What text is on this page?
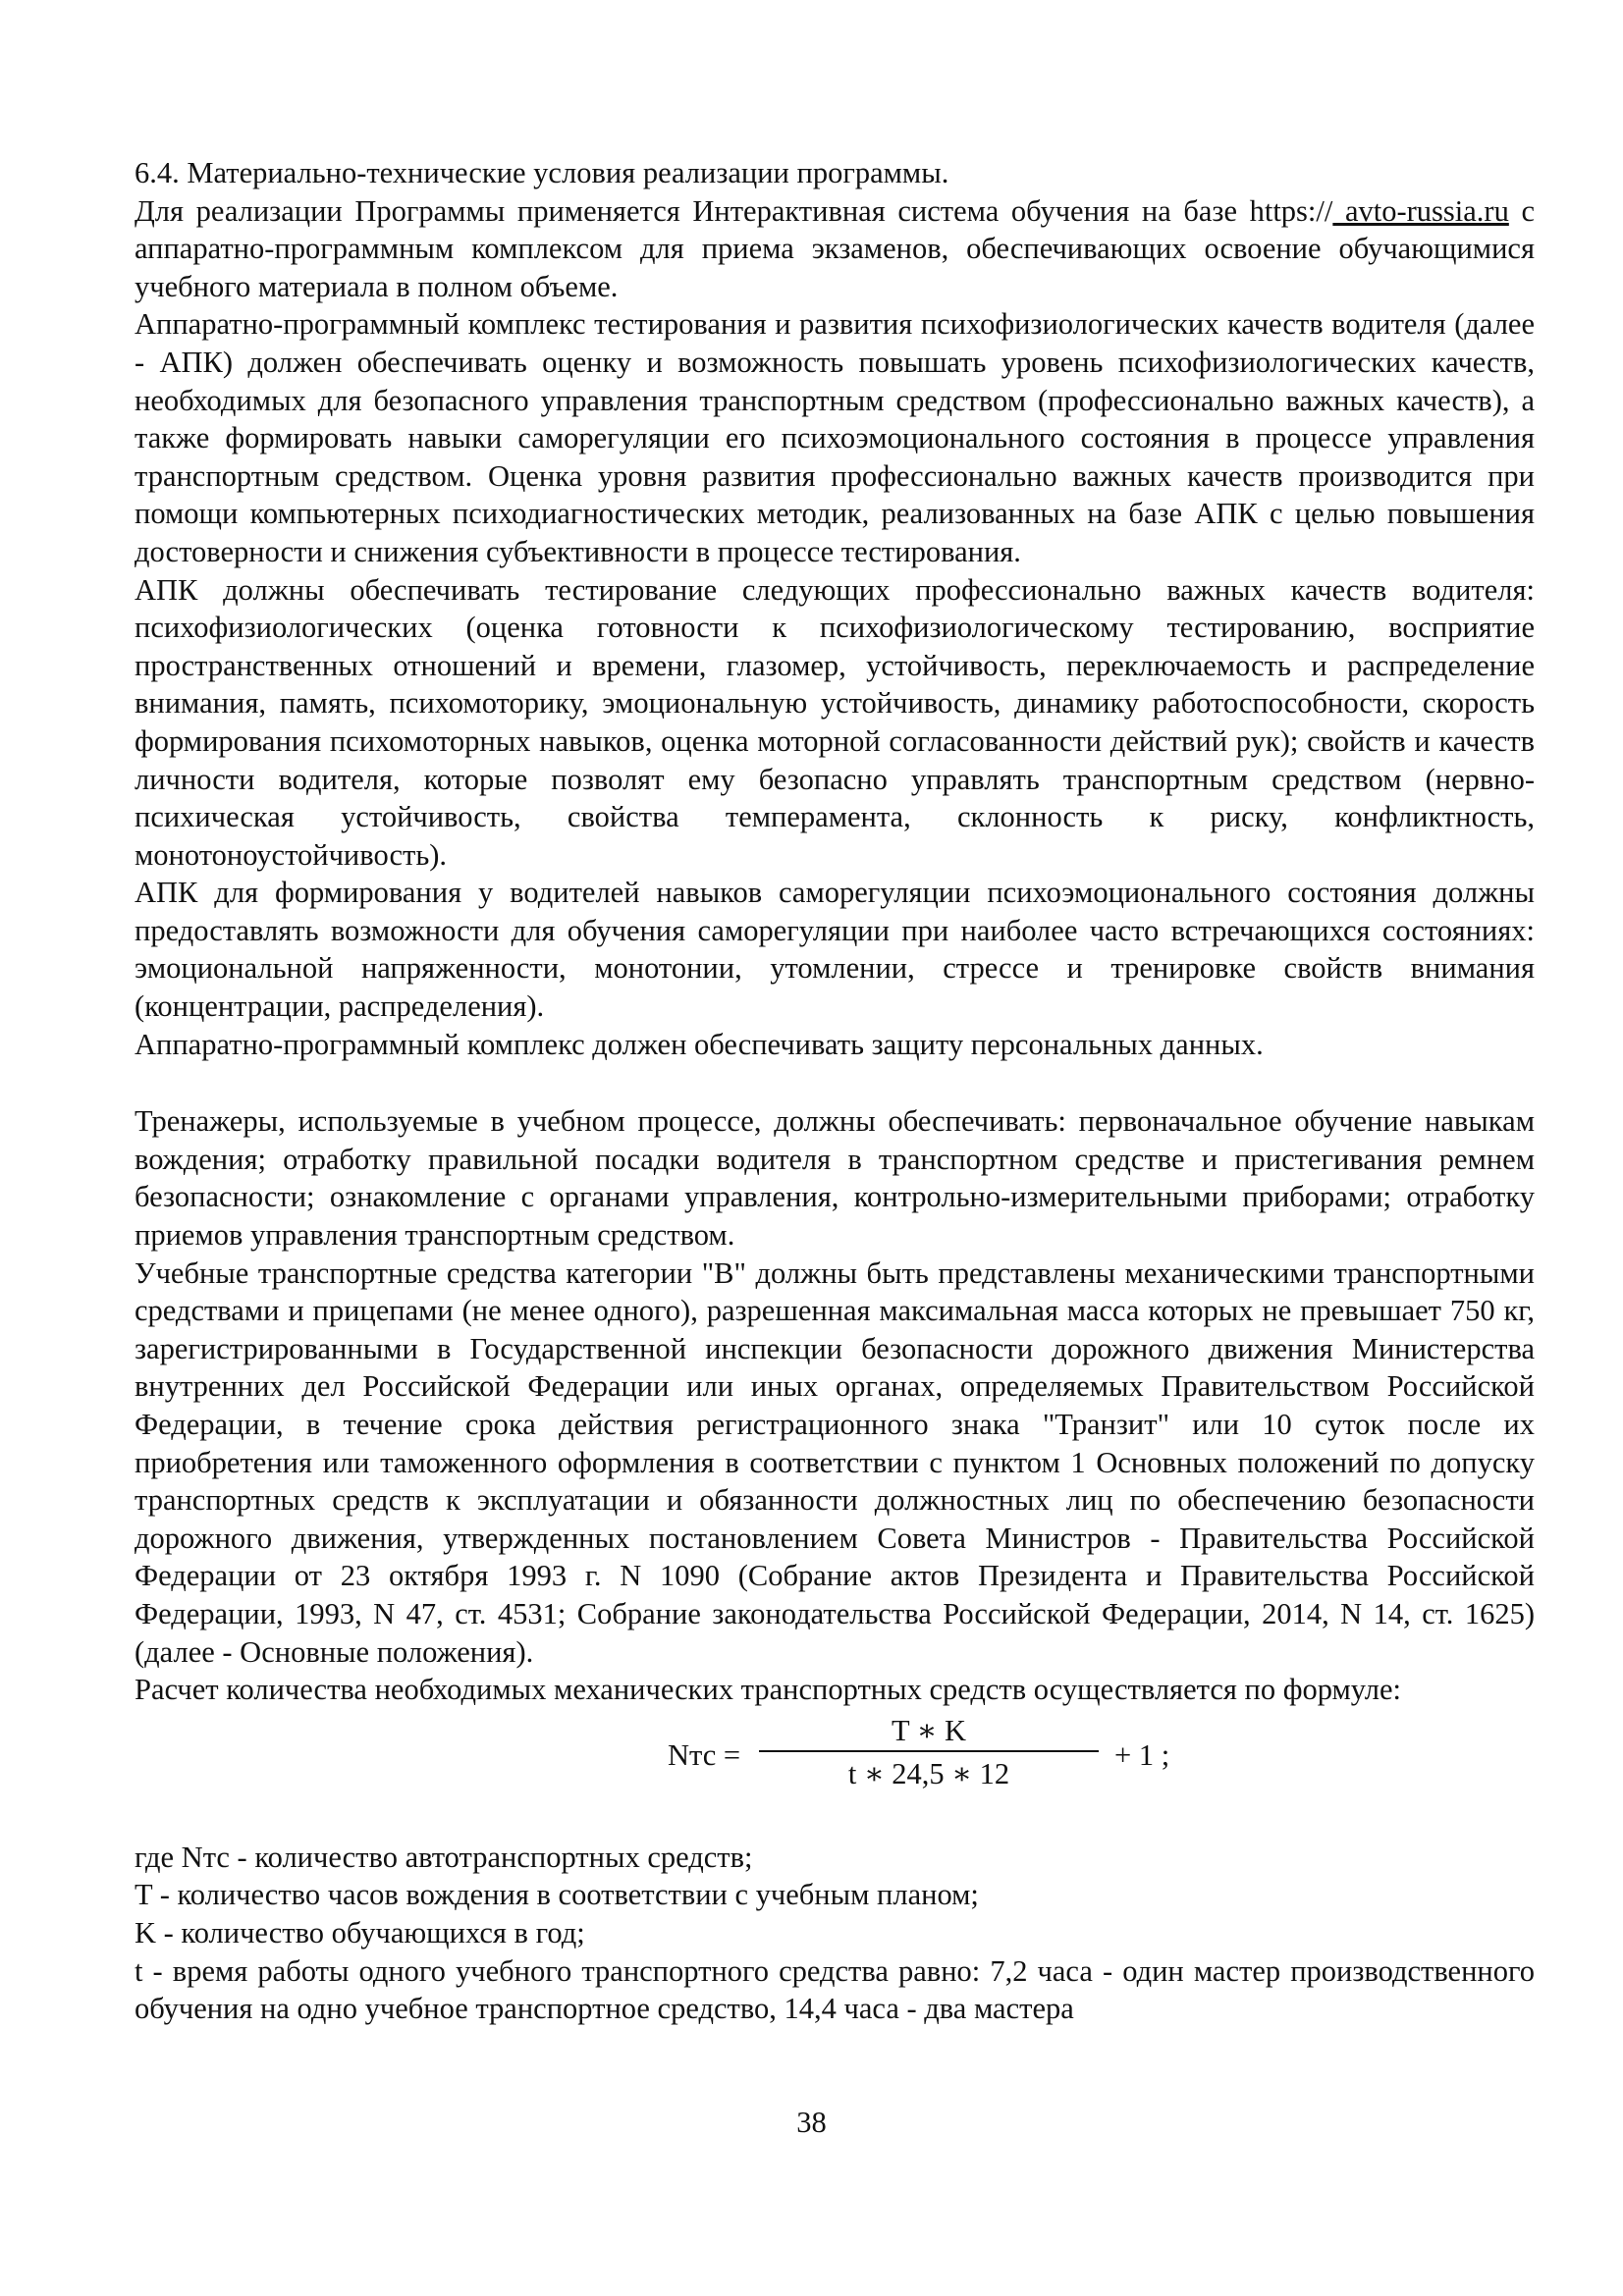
6.4. Материально-технические условия реализации программы.

Для реализации Программы применяется Интерактивная система обучения на базе https:// avto-russia.ru с аппаратно-программным комплексом для приема экзаменов, обеспечивающих освоение обучающимися учебного материала в полном объеме.

Аппаратно-программный комплекс тестирования и развития психофизиологических качеств водителя (далее - АПК) должен обеспечивать оценку и возможность повышать уровень психофизиологических качеств, необходимых для безопасного управления транспортным средством (профессионально важных качеств), а также формировать навыки саморегуляции его психоэмоционального состояния в процессе управления транспортным средством. Оценка уровня развития профессионально важных качеств производится при помощи компьютерных психодиагностических методик, реализованных на базе АПК с целью повышения достоверности и снижения субъективности в процессе тестирования.

АПК должны обеспечивать тестирование следующих профессионально важных качеств водителя: психофизиологических (оценка готовности к психофизиологическому тестированию, восприятие пространственных отношений и времени, глазомер, устойчивость, переключаемость и распределение внимания, память, психомоторику, эмоциональную устойчивость, динамику работоспособности, скорость формирования психомоторных навыков, оценка моторной согласованности действий рук); свойств и качеств личности водителя, которые позволят ему безопасно управлять транспортным средством (нервно-психическая устойчивость, свойства темперамента, склонность к риску, конфликтность, монотоноустойчивость).

АПК для формирования у водителей навыков саморегуляции психоэмоционального состояния должны предоставлять возможности для обучения саморегуляции при наиболее часто встречающихся состояниях: эмоциональной напряженности, монотонии, утомлении, стрессе и тренировке свойств внимания (концентрации, распределения).

Аппаратно-программный комплекс должен обеспечивать защиту персональных данных.

Тренажеры, используемые в учебном процессе, должны обеспечивать: первоначальное обучение навыкам вождения; отработку правильной посадки водителя в транспортном средстве и пристегивания ремнем безопасности; ознакомление с органами управления, контрольно-измерительными приборами; отработку приемов управления транспортным средством.

Учебные транспортные средства категории "B" должны быть представлены механическими транспортными средствами и прицепами (не менее одного), разрешенная максимальная масса которых не превышает 750 кг, зарегистрированными в Государственной инспекции безопасности дорожного движения Министерства внутренних дел Российской Федерации или иных органах, определяемых Правительством Российской Федерации, в течение срока действия регистрационного знака "Транзит" или 10 суток после их приобретения или таможенного оформления в соответствии с пунктом 1 Основных положений по допуску транспортных средств к эксплуатации и обязанности должностных лиц по обеспечению безопасности дорожного движения, утвержденных постановлением Совета Министров - Правительства Российской Федерации от 23 октября 1993 г. N 1090 (Собрание актов Президента и Правительства Российской Федерации, 1993, N 47, ст. 4531; Собрание законодательства Российской Федерации, 2014, N 14, ст. 1625) (далее - Основные положения).

Расчет количества необходимых механических транспортных средств осуществляется по формуле:

Nтс =
T ∗ K
t ∗ 24,5 ∗ 12
+ 1 ;

где Nтс - количество автотранспортных средств;

T - количество часов вождения в соответствии с учебным планом;

K - количество обучающихся в год;

t - время работы одного учебного транспортного средства равно: 7,2 часа - один мастер производственного обучения на одно учебное транспортное средство, 14,4 часа - два мастера

38
